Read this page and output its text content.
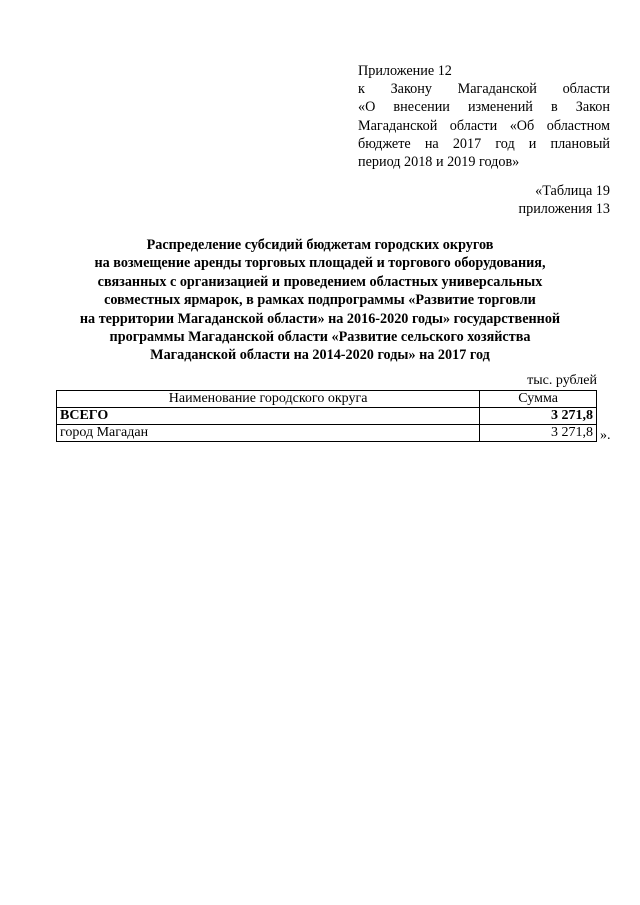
Приложение 12
к Закону Магаданской области
«О внесении изменений в Закон
Магаданской области «Об областном
бюджете на 2017 год и плановый
период 2018 и 2019 годов»
«Таблица 19
приложения 13
Распределение субсидий бюджетам городских округов
на возмещение аренды торговых площадей и торгового оборудования,
связанных с организацией и проведением областных универсальных
совместных ярмарок, в рамках подпрограммы «Развитие торговли
на территории Магаданской области» на 2016-2020 годы» государственной
программы Магаданской области «Развитие сельского хозяйства
Магаданской области на 2014-2020 годы» на 2017 год
тыс. рублей
Наименование городского округа	Сумма
ВСЕГО	3 271,8
город Магадан	3 271,8 ».
